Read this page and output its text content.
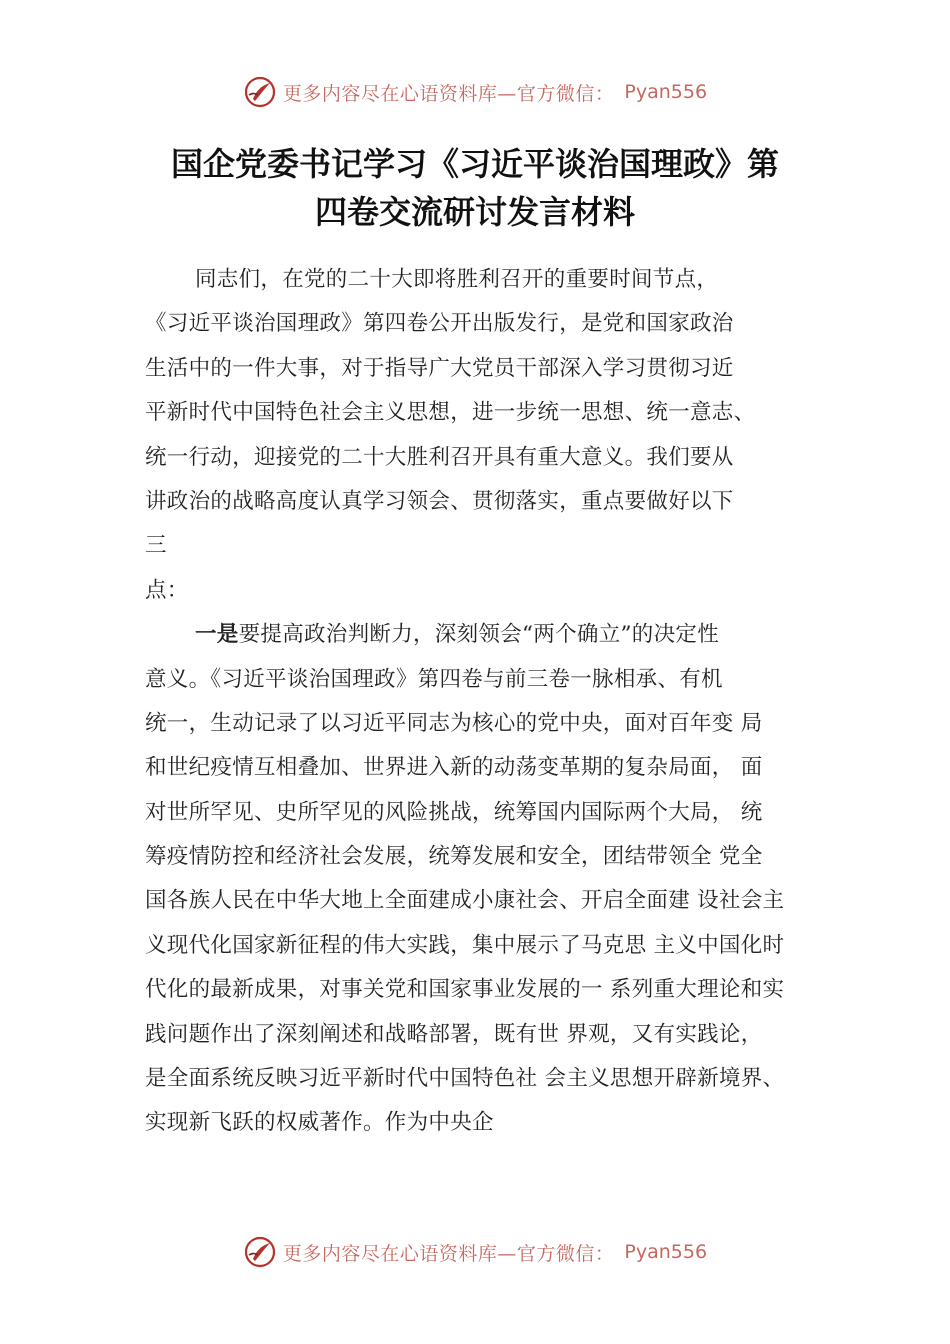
更多内容尽在心语资料库—官方微信： Pyan556
国企党委书记学习《习近平谈治国理政》第
四卷交流研讨发言材料
同志们，在党的二十大即将胜利召开的重要时间节点，
《习近平谈治国理政》第四卷公开出版发行，是党和国家政治
生活中的一件大事，对于指导广大党员干部深入学习贯彻习近
平新时代中国特色社会主义思想，进一步统一思想、统一意志、
统一行动，迎接党的二十大胜利召开具有重大意义。我们要从
讲政治的战略高度认真学习领会、贯彻落实，重点要做好以下
三
点：
一是要提高政治判断力，深刻领会“两个确立”的决定性
意义。《习近平谈治国理政》第四卷与前三卷一脉相承、有机
统一，生动记录了以习近平同志为核心的党中央，面对百年变 局
和世纪疫情互相叠加、世界进入新的动荡变革期的复杂局面， 面
对世所罕见、史所罕见的风险挑战，统筹国内国际两个大局， 统
筹疫情防控和经济社会发展，统筹发展和安全，团结带领全 党全
国各族人民在中华大地上全面建成小康社会、开启全面建 设社会主
义现代化国家新征程的伟大实践，集中展示了马克思 主义中国化时
代化的最新成果，对事关党和国家事业发展的一 系列重大理论和实
践问题作出了深刻阐述和战略部署，既有世 界观，又有实践论，
是全面系统反映习近平新时代中国特色社 会主义思想开辟新境界、
实现新飞跃的权威著作。作为中央企
更多内容尽在心语资料库—官方微信： Pyan556
